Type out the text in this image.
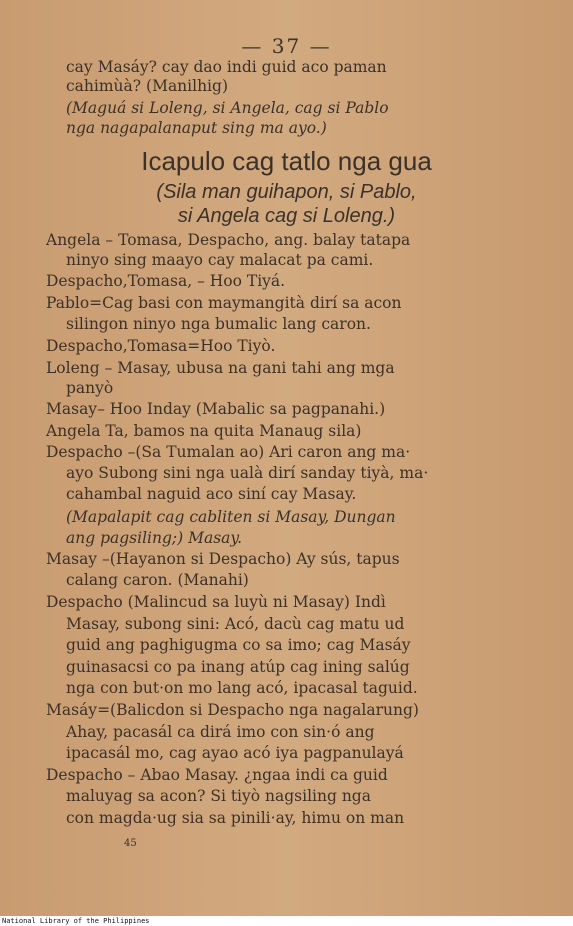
— 37 —
cay Masáy? cay dao indi guid aco paman
cahimùà? (Manilhig)
(Maguá si Loleng, si Angela, cag si Pablo
nga nagapalanaput sing ma ayo.)
Angela – Tomasa, Despacho, ang. balay tatapa
ninyo sing maayo cay malacat pa cami.
Despacho,Tomasa, – Hoo Tiyá.
Pablo=Cag basi con maymangità dirí sa acon
silingon ninyo nga bumalic lang caron.
Despacho,Tomasa=Hoo Tiyò.
Loleng – Masay, ubusa na gani tahi ang mga
panyò
Masay– Hoo Inday (Mabalic sa pagpanahi.)
Angela Ta, bamos na quita Manaug sila)
Despacho –(Sa Tumalan ao) Ari caron ang ma·
ayo Subong sini nga ualà dirí sanday tiyà, ma·
cahambal naguid aco siní cay Masay.
(Mapalapit cag cabliten si Masay, Dungan
ang pagsiling;) Masay.
Masay –(Hayanon si Despacho) Ay sús, tapus
calang caron. (Manahi)
Despacho (Malincud sa luyù ni Masay) Indì
Masay, subong sini: Acó, dacù cag matu ud
guid ang paghigugma co sa imo; cag Masáy
guinasacsi co pa inang atúp cag ining salúg
nga con but·on mo lang acó, ipacasal taguid.
Masáy=(Balicdon si Despacho nga nagalarung)
Ahay, pacasál ca dirá imo con sin·ó ang
ipacasál mo, cag ayao acó iya pagpanulayá
Despacho – Abao Masay. ¿ngaa indi ca guid
maluyag sa acon? Si tiyò nagsiling nga
con magda·ug sia sa pinili·ay, himu on man
Icapulo cag tatlo nga gua
(Sila man guihapon, si Pablo,
si Angela cag si Loleng.)
45
National Library of the Philippines
